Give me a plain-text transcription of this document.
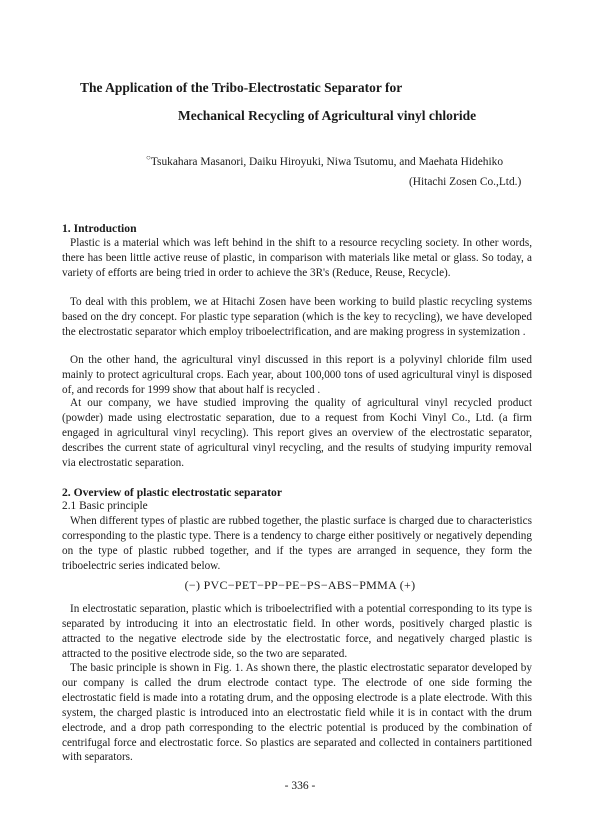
The Application of the Tribo-Electrostatic Separator for
Mechanical Recycling of Agricultural vinyl chloride
○Tsukahara Masanori, Daiku Hiroyuki, Niwa Tsutomu, and Maehata Hidehiko
(Hitachi Zosen Co.,Ltd.)
1. Introduction

Plastic is a material which was left behind in the shift to a resource recycling society. In other words, there has been little active reuse of plastic, in comparison with materials like metal or glass. So today, a variety of efforts are being tried in order to achieve the 3R's (Reduce, Reuse, Recycle).

To deal with this problem, we at Hitachi Zosen have been working to build plastic recycling systems based on the dry concept. For plastic type separation (which is the key to recycling), we have developed the electrostatic separator which employ triboelectrification, and are making progress in systemization .

On the other hand, the agricultural vinyl discussed in this report is a polyvinyl chloride film used mainly to protect agricultural crops. Each year, about 100,000 tons of used agricultural vinyl is disposed of, and records for 1999 show that about half is recycled .

At our company, we have studied improving the quality of agricultural vinyl recycled product (powder) made using electrostatic separation, due to a request from Kochi Vinyl Co., Ltd. (a firm engaged in agricultural vinyl recycling). This report gives an overview of the electrostatic separator, describes the current state of agricultural vinyl recycling, and the results of studying impurity removal via electrostatic separation.

2. Overview of plastic electrostatic separator
2.1 Basic principle

When different types of plastic are rubbed together, the plastic surface is charged due to characteristics corresponding to the plastic type. There is a tendency to charge either positively or negatively depending on the type of plastic rubbed together, and if the types are arranged in sequence, they form the triboelectric series indicated below.

(−) PVC−PET−PP−PE−PS−ABS−PMMA (+)

In electrostatic separation, plastic which is triboelectrified with a potential corresponding to its type is separated by introducing it into an electrostatic field. In other words, positively charged plastic is attracted to the negative electrode side by the electrostatic force, and negatively charged plastic is attracted to the positive electrode side, so the two are separated.

The basic principle is shown in Fig. 1. As shown there, the plastic electrostatic separator developed by our company is called the drum electrode contact type. The electrode of one side forming the electrostatic field is made into a rotating drum, and the opposing electrode is a plate electrode. With this system, the charged plastic is introduced into an electrostatic field while it is in contact with the drum electrode, and a drop path corresponding to the electric potential is produced by the combination of centrifugal force and electrostatic force. So plastics are separated and collected in containers partitioned with separators.

- 336 -
